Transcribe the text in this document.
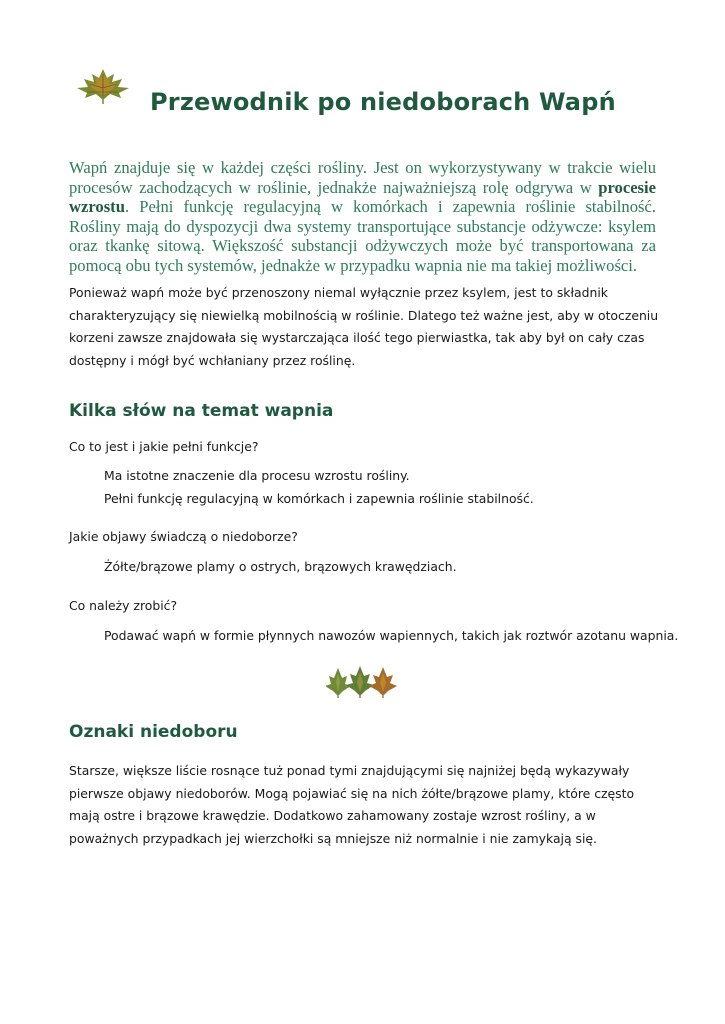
Przewodnik po niedoborach Wapń

Wapń znajduje się w każdej części rośliny. Jest on wykorzystywany w trakcie wielu procesów zachodzących w roślinie, jednakże najważniejszą rolę odgrywa w procesie wzrostu. Pełni funkcję regulacyjną w komórkach i zapewnia roślinie stabilność. Rośliny mają do dyspozycji dwa systemy transportujące substancje odżywcze: ksylem oraz tkankę sitową. Większość substancji odżywczych może być transportowana za pomocą obu tych systemów, jednakże w przypadku wapnia nie ma takiej możliwości.

Ponieważ wapń może być przenoszony niemal wyłącznie przez ksylem, jest to składnik charakteryzujący się niewielką mobilnością w roślinie. Dlatego też ważne jest, aby w otoczeniu korzeni zawsze znajdowała się wystarczająca ilość tego pierwiastka, tak aby był on cały czas dostępny i mógł być wchłaniany przez roślinę.

Kilka słów na temat wapnia

Co to jest i jakie pełni funkcje?

Ma istotne znaczenie dla procesu wzrostu rośliny.

Pełni funkcję regulacyjną w komórkach i zapewnia roślinie stabilność.

Jakie objawy świadczą o niedoborze?

Żółte/brązowe plamy o ostrych, brązowych krawędziach.

Co należy zrobić?

Podawać wapń w formie płynnych nawozów wapiennych, takich jak roztwór azotanu wapnia.

Oznaki niedoboru

Starsze, większe liście rosnące tuż ponad tymi znajdującymi się najniżej będą wykazywały pierwsze objawy niedoborów. Mogą pojawiać się na nich żółte/brązowe plamy, które często mają ostre i brązowe krawędzie. Dodatkowo zahamowany zostaje wzrost rośliny, a w poważnych przypadkach jej wierzchołki są mniejsze niż normalnie i nie zamykają się.
